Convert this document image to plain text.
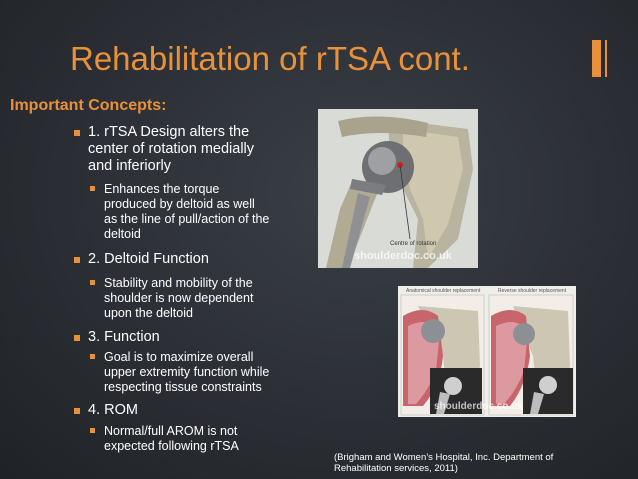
Rehabilitation of rTSA cont.
Important Concepts:
1. rTSA Design alters the
center of rotation medially
and inferiorly
Enhances the torque
produced by deltoid as well
as the line of pull/action of the
deltoid
2. Deltoid Function
Stability and mobility of the
shoulder is now dependent
upon the deltoid
3. Function
Goal is to maximize overall
upper extremity function while
respecting tissue constraints
4. ROM
Normal/full AROM is not
expected following rTSA
Centre of rotation
shoulderdoc.co.uk
Anatomical shoulder replacement	Reverse shoulder replacement
shoulderdoc.co.uk
(Brigham and Women’s Hospital, Inc. Department of
Rehabilitation services, 2011)
